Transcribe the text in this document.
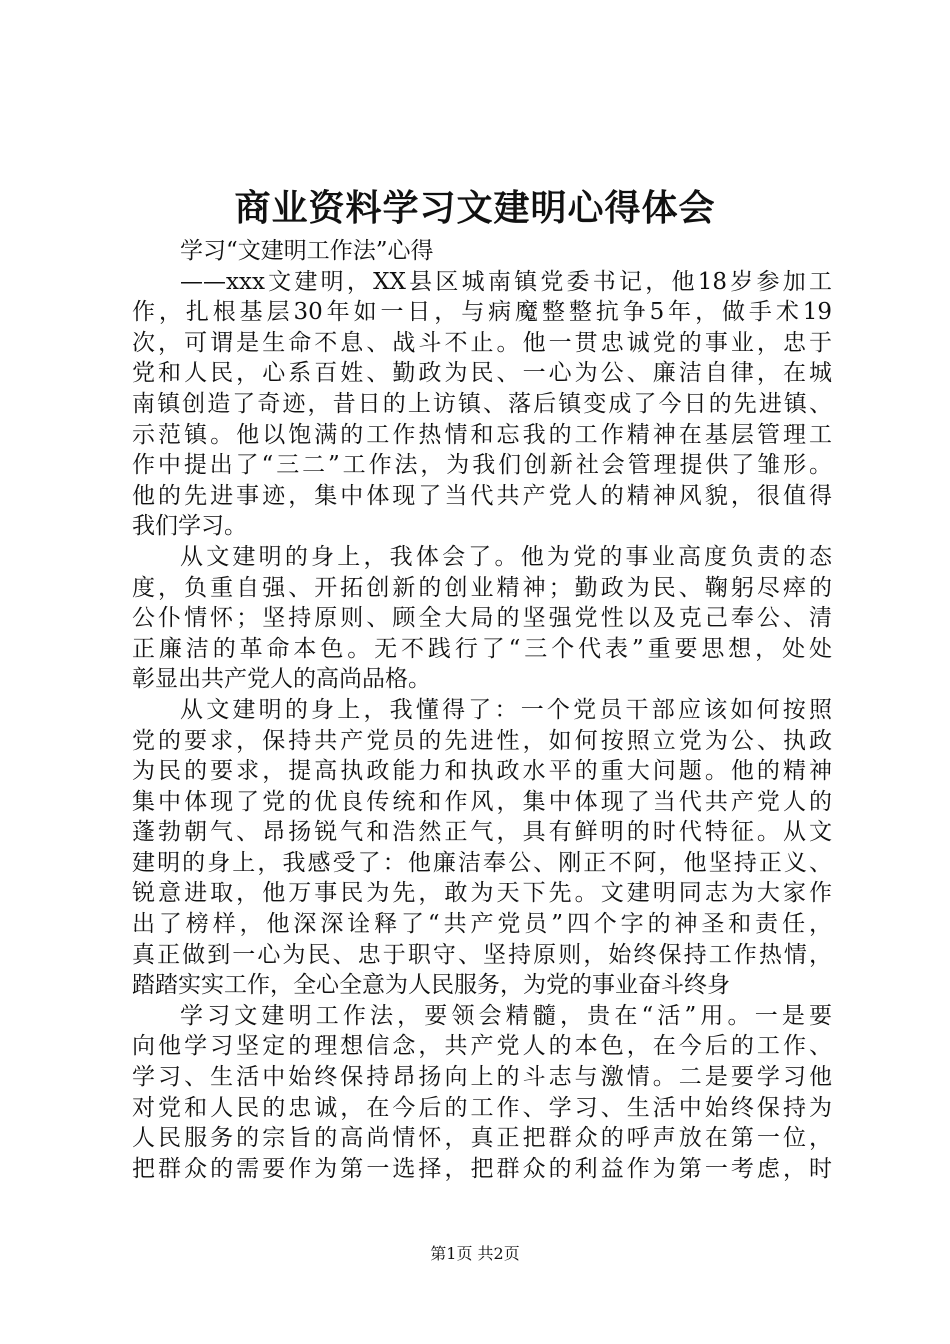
商业资料学习文建明心得体会
学习“文建明工作法”心得
——xxx文建明，XX县区城南镇党委书记，他18岁参加工
作，扎根基层30年如一日，与病魔整整抗争5年，做手术19
次，可谓是生命不息、战斗不止。他一贯忠诚党的事业，忠于
党和人民，心系百姓、勤政为民、一心为公、廉洁自律，在城
南镇创造了奇迹，昔日的上访镇、落后镇变成了今日的先进镇、
示范镇。他以饱满的工作热情和忘我的工作精神在基层管理工
作中提出了“三二”工作法，为我们创新社会管理提供了雏形。
他的先进事迹，集中体现了当代共产党人的精神风貌，很值得
我们学习。
从文建明的身上，我体会了。他为党的事业高度负责的态
度，负重自强、开拓创新的创业精神；勤政为民、鞠躬尽瘁的
公仆情怀；坚持原则、顾全大局的坚强党性以及克己奉公、清
正廉洁的革命本色。无不践行了“三个代表”重要思想，处处
彰显出共产党人的高尚品格。
从文建明的身上，我懂得了：一个党员干部应该如何按照
党的要求，保持共产党员的先进性，如何按照立党为公、执政
为民的要求，提高执政能力和执政水平的重大问题。他的精神
集中体现了党的优良传统和作风，集中体现了当代共产党人的
蓬勃朝气、昂扬锐气和浩然正气，具有鲜明的时代特征。从文
建明的身上，我感受了：他廉洁奉公、刚正不阿，他坚持正义、
锐意进取，他万事民为先，敢为天下先。文建明同志为大家作
出了榜样，他深深诠释了“共产党员”四个字的神圣和责任，
真正做到一心为民、忠于职守、坚持原则，始终保持工作热情，
踏踏实实工作，全心全意为人民服务，为党的事业奋斗终身
学习文建明工作法，要领会精髓，贵在“活”用。一是要
向他学习坚定的理想信念，共产党人的本色，在今后的工作、
学习、生活中始终保持昂扬向上的斗志与激情。二是要学习他
对党和人民的忠诚，在今后的工作、学习、生活中始终保持为
人民服务的宗旨的高尚情怀，真正把群众的呼声放在第一位，
把群众的需要作为第一选择，把群众的利益作为第一考虑，时
第1页 共2页
